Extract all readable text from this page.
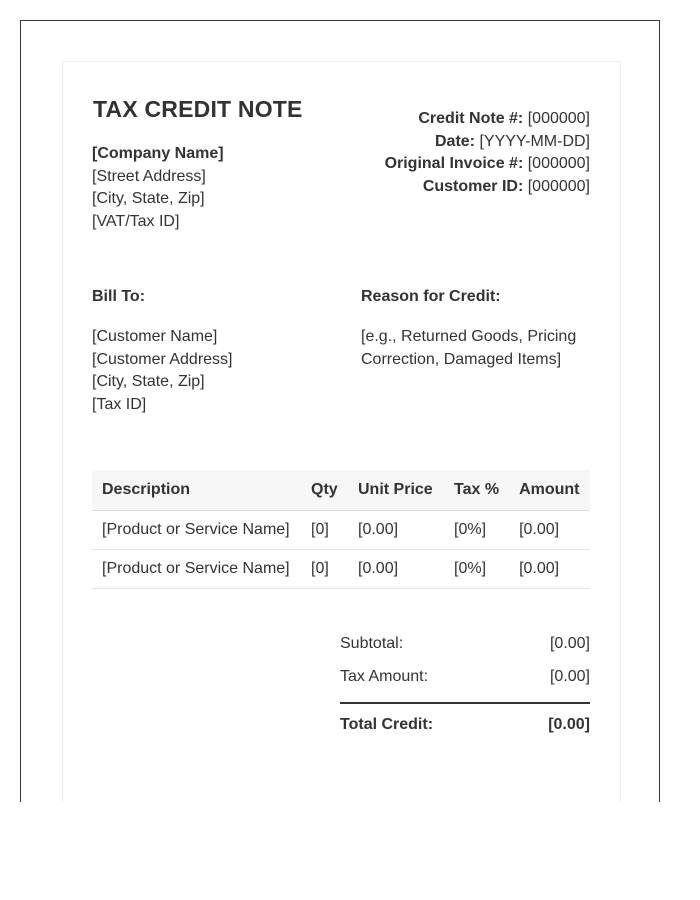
TAX CREDIT NOTE
[Company Name]
[Street Address]
[City, State, Zip]
[VAT/Tax ID]
Credit Note #: [000000]
Date: [YYYY-MM-DD]
Original Invoice #: [000000]
Customer ID: [000000]
Bill To:	Reason for Credit:
[Customer Name]
[Customer Address]
[City, State, Zip]
[Tax ID]
[e.g., Returned Goods, Pricing Correction, Damaged Items]
Description	Qty	Unit Price	Tax %	Amount
[Product or Service Name]	[0]	[0.00]	[0%]	[0.00]
[Product or Service Name]	[0]	[0.00]	[0%]	[0.00]
Subtotal:	[0.00]
Tax Amount:	[0.00]
Total Credit:	[0.00]
